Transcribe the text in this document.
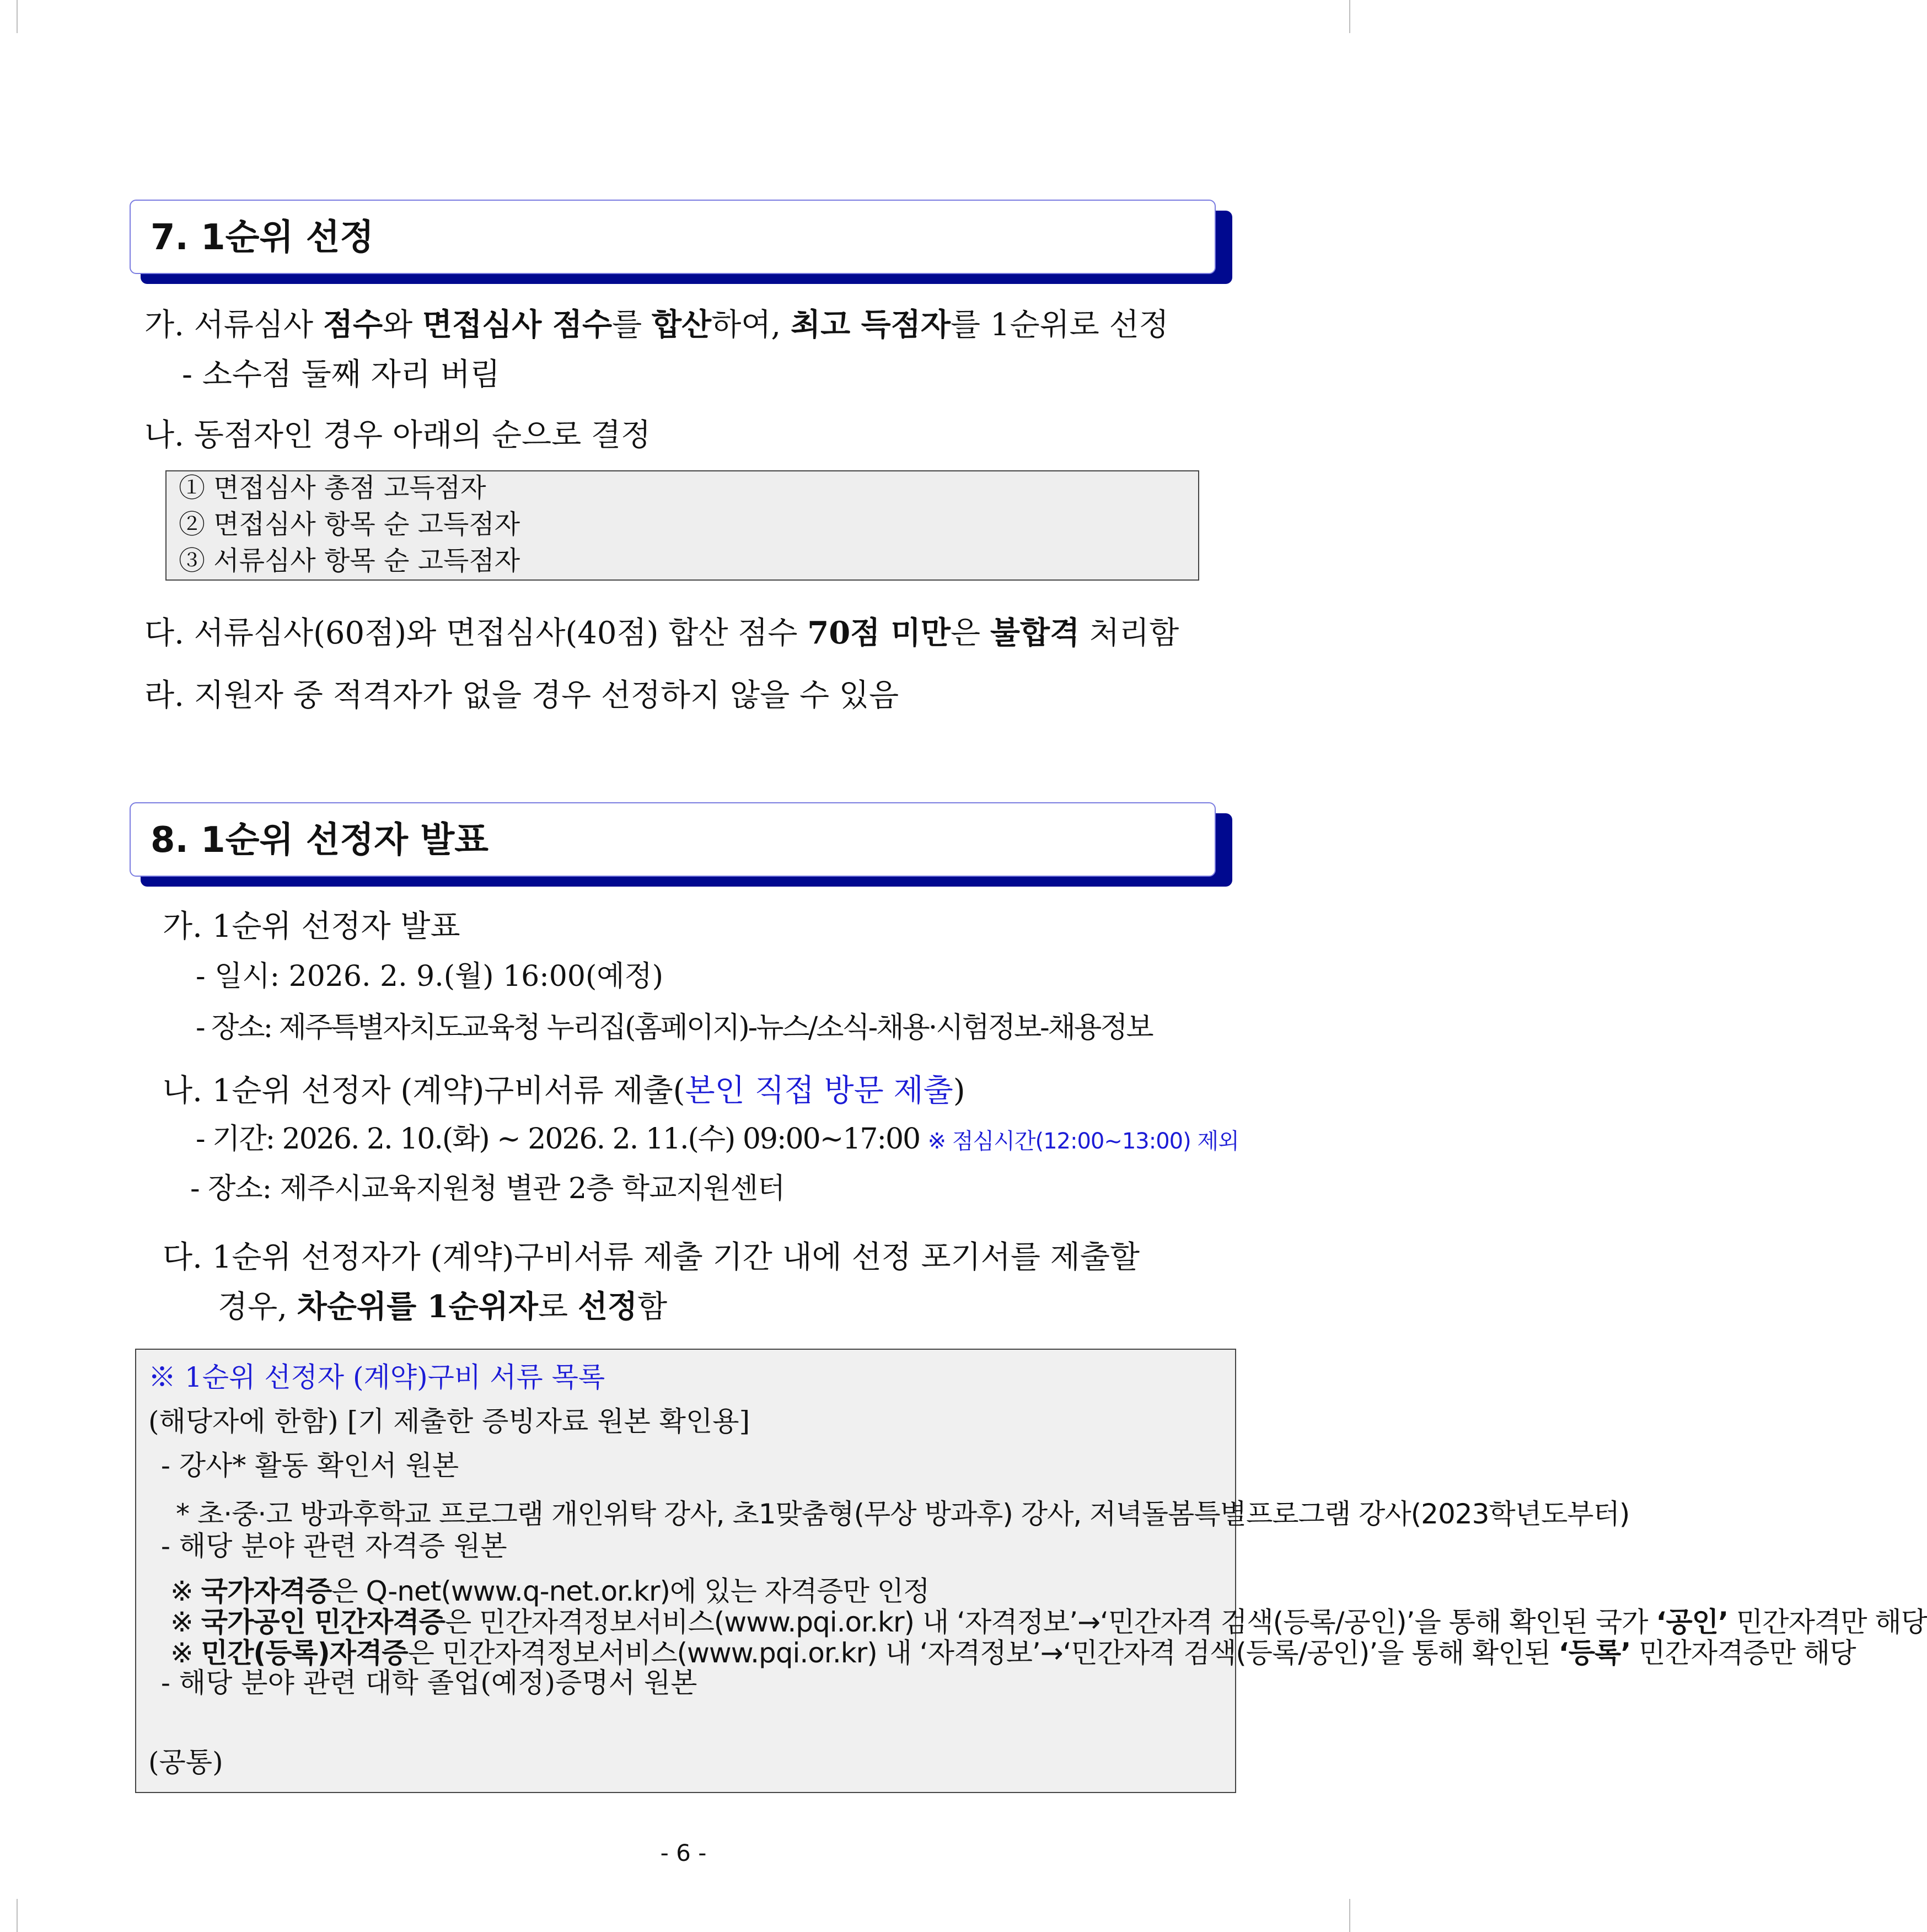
7. 1순위 선정
가. 서류심사 점수와 면접심사 점수를 합산하여, 최고 득점자를 1순위로 선정
- 소수점 둘째 자리 버림
나. 동점자인 경우 아래의 순으로 결정
① 면접심사 총점 고득점자
② 면접심사 항목 순 고득점자
③ 서류심사 항목 순 고득점자
다. 서류심사(60점)와 면접심사(40점) 합산 점수 70점 미만은 불합격 처리함
라. 지원자 중 적격자가 없을 경우 선정하지 않을 수 있음
8. 1순위 선정자 발표
가. 1순위 선정자 발표
- 일시: 2026. 2. 9.(월) 16:00(예정)
- 장소: 제주특별자치도교육청 누리집(홈페이지)-뉴스/소식-채용·시험정보-채용정보
나. 1순위 선정자 (계약)구비서류 제출(본인 직접 방문 제출)
- 기간: 2026. 2. 10.(화) ~ 2026. 2. 11.(수) 09:00~17:00 ※ 점심시간(12:00~13:00) 제외
- 장소: 제주시교육지원청 별관 2층 학교지원센터
다. 1순위 선정자가 (계약)구비서류 제출 기간 내에 선정 포기서를 제출할
경우, 차순위를 1순위자로 선정함
※ 1순위 선정자 (계약)구비 서류 목록
(해당자에 한함) [기 제출한 증빙자료 원본 확인용]
- 강사* 활동 확인서 원본
* 초·중·고 방과후학교 프로그램 개인위탁 강사, 초1맞춤형(무상 방과후) 강사, 저녁돌봄특별프로그램 강사(2023학년도부터)
- 해당 분야 관련 자격증 원본
※ 국가자격증은 Q-net(www.q-net.or.kr)에 있는 자격증만 인정
※ 국가공인 민간자격증은 민간자격정보서비스(www.pqi.or.kr) 내 ‘자격정보’→‘민간자격 검색(등록/공인)’을 통해 확인된 국가 ‘공인’ 민간자격만 해당
※ 민간(등록)자격증은 민간자격정보서비스(www.pqi.or.kr) 내 ‘자격정보’→‘민간자격 검색(등록/공인)’을 통해 확인된 ‘등록’ 민간자격증만 해당
- 해당 분야 관련 대학 졸업(예정)증명서 원본
(공통)
- 6 -
